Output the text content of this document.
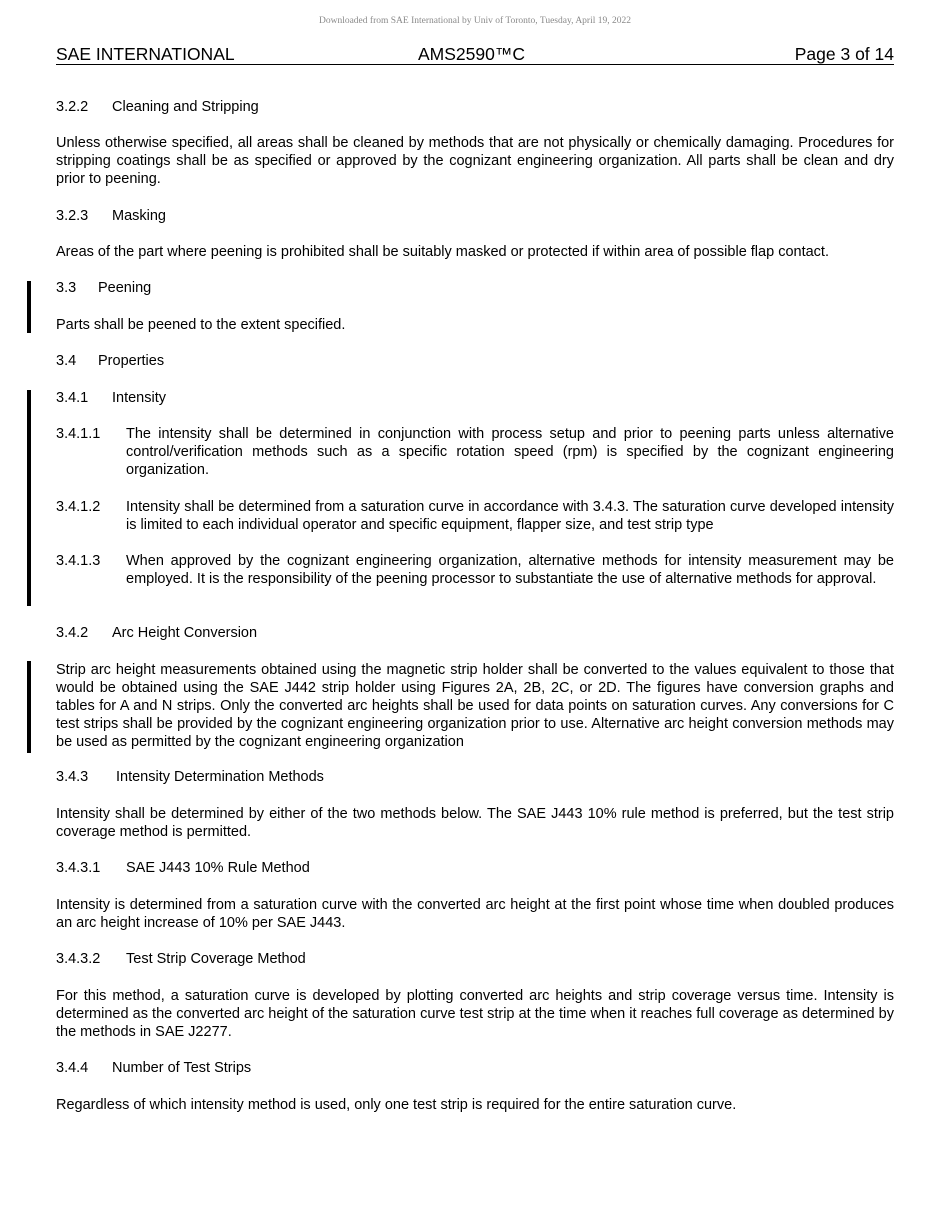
Downloaded from SAE International by Univ of Toronto, Tuesday, April 19, 2022
SAE INTERNATIONAL	AMS2590™C	Page 3 of 14
3.2.2 Cleaning and Stripping
Unless otherwise specified, all areas shall be cleaned by methods that are not physically or chemically damaging. Procedures for stripping coatings shall be as specified or approved by the cognizant engineering organization. All parts shall be clean and dry prior to peening.
3.2.3 Masking
Areas of the part where peening is prohibited shall be suitably masked or protected if within area of possible flap contact.
3.3 Peening
Parts shall be peened to the extent specified.
3.4 Properties
3.4.1 Intensity
3.4.1.1 The intensity shall be determined in conjunction with process setup and prior to peening parts unless alternative control/verification methods such as a specific rotation speed (rpm) is specified by the cognizant engineering organization.
3.4.1.2 Intensity shall be determined from a saturation curve in accordance with 3.4.3. The saturation curve developed intensity is limited to each individual operator and specific equipment, flapper size, and test strip type
3.4.1.3 When approved by the cognizant engineering organization, alternative methods for intensity measurement may be employed. It is the responsibility of the peening processor to substantiate the use of alternative methods for approval.
3.4.2 Arc Height Conversion
Strip arc height measurements obtained using the magnetic strip holder shall be converted to the values equivalent to those that would be obtained using the SAE J442 strip holder using Figures 2A, 2B, 2C, or 2D. The figures have conversion graphs and tables for A and N strips. Only the converted arc heights shall be used for data points on saturation curves. Any conversions for C test strips shall be provided by the cognizant engineering organization prior to use. Alternative arc height conversion methods may be used as permitted by the cognizant engineering organization
3.4.3 Intensity Determination Methods
Intensity shall be determined by either of the two methods below. The SAE J443 10% rule method is preferred, but the test strip coverage method is permitted.
3.4.3.1 SAE J443 10% Rule Method
Intensity is determined from a saturation curve with the converted arc height at the first point whose time when doubled produces an arc height increase of 10% per SAE J443.
3.4.3.2 Test Strip Coverage Method
For this method, a saturation curve is developed by plotting converted arc heights and strip coverage versus time. Intensity is determined as the converted arc height of the saturation curve test strip at the time when it reaches full coverage as determined by the methods in SAE J2277.
3.4.4 Number of Test Strips
Regardless of which intensity method is used, only one test strip is required for the entire saturation curve.
